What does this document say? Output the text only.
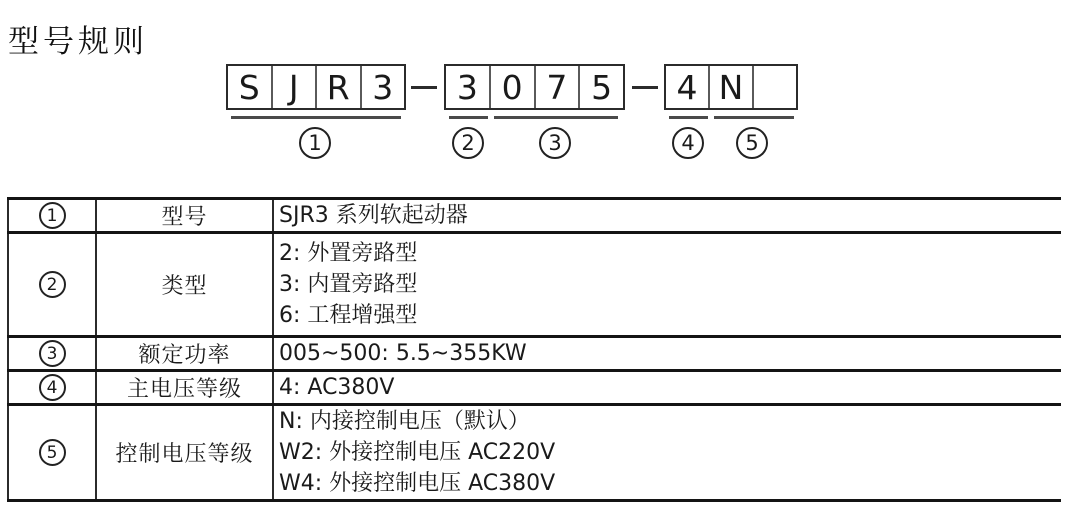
型号规则
S J R 3	3 0 7 5	4 N
1	2	3	4	5
1	型号	SJR3 系列软起动器

2	类型	2: 外置旁路型
3: 内置旁路型
6: 工程增强型

3	额定功率	005~500: 5.5~355KW

4	主电压等级	4: AC380V

5	控制电压等级	N: 内接控制电压（默认）
W2: 外接控制电压 AC220V
W4: 外接控制电压 AC380V
